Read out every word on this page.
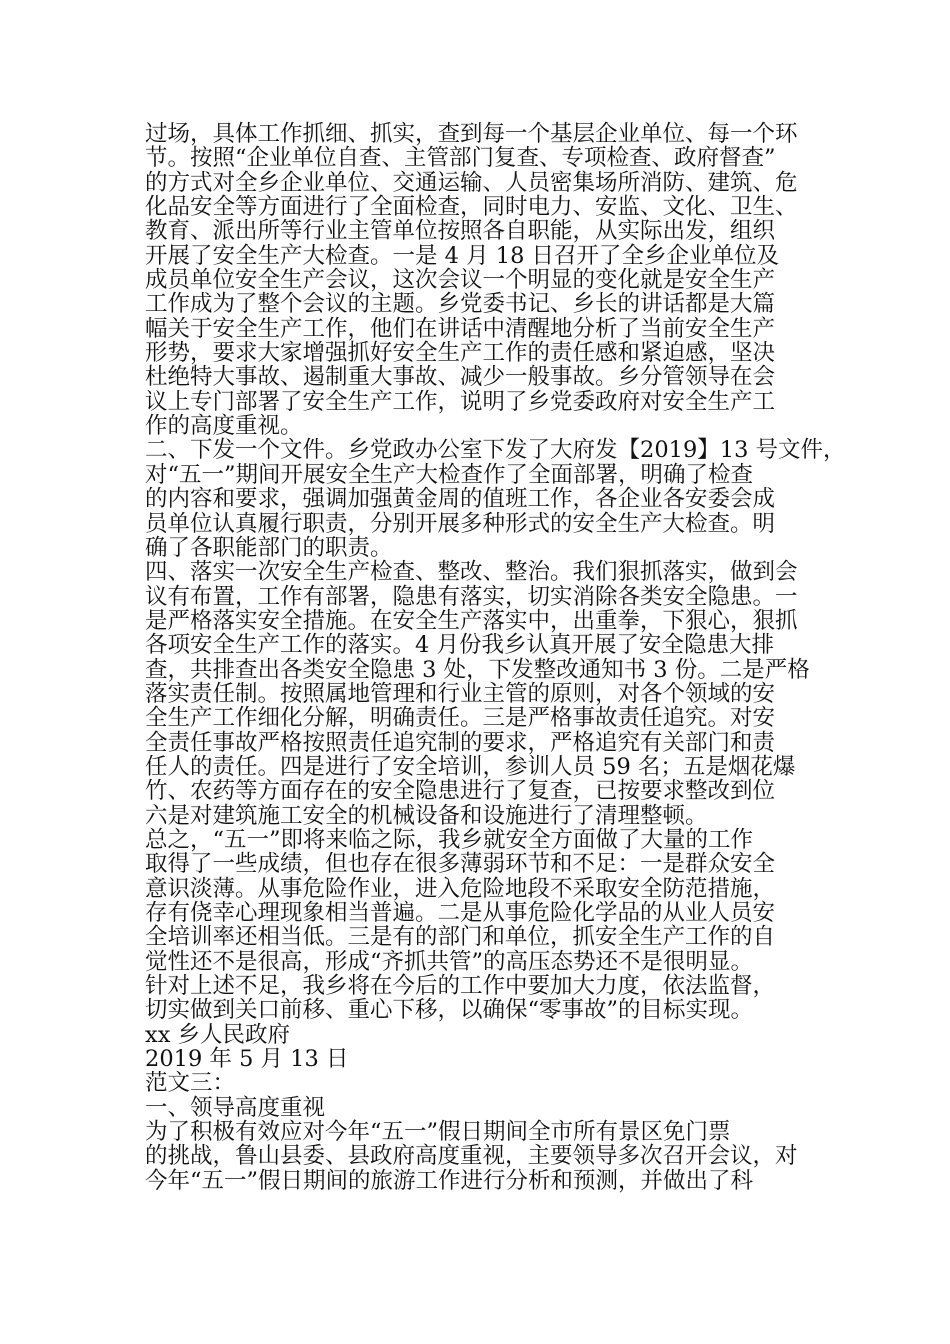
过场，具体工作抓细、抓实，查到每一个基层企业单位、每一个环
节。按照“企业单位自查、主管部门复查、专项检查、政府督查”
的方式对全乡企业单位、交通运输、人员密集场所消防、建筑、危
化品安全等方面进行了全面检查，同时电力、安监、文化、卫生、
教育、派出所等行业主管单位按照各自职能，从实际出发，组织
开展了安全生产大检查。一是 4 月 18 日召开了全乡企业单位及
成员单位安全生产会议，这次会议一个明显的变化就是安全生产
工作成为了整个会议的主题。乡党委书记、乡长的讲话都是大篇
幅关于安全生产工作，他们在讲话中清醒地分析了当前安全生产
形势，要求大家增强抓好安全生产工作的责任感和紧迫感，坚决
杜绝特大事故、遏制重大事故、减少一般事故。乡分管领导在会
议上专门部署了安全生产工作，说明了乡党委政府对安全生产工
作的高度重视。
二、下发一个文件。乡党政办公室下发了大府发【2019】13 号文件，
对“五一”期间开展安全生产大检查作了全面部署，明确了检查
的内容和要求，强调加强黄金周的值班工作，各企业各安委会成
员单位认真履行职责，分别开展多种形式的安全生产大检查。明
确了各职能部门的职责。
四、落实一次安全生产检查、整改、整治。我们狠抓落实，做到会
议有布置，工作有部署，隐患有落实，切实消除各类安全隐患。一
是严格落实安全措施。在安全生产落实中，出重拳，下狠心，狠抓
各项安全生产工作的落实。4 月份我乡认真开展了安全隐患大排
查，共排查出各类安全隐患 3 处，下发整改通知书 3 份。二是严格
落实责任制。按照属地管理和行业主管的原则，对各个领域的安
全生产工作细化分解，明确责任。三是严格事故责任追究。对安
全责任事故严格按照责任追究制的要求，严格追究有关部门和责
任人的责任。四是进行了安全培训，参训人员 59 名；五是烟花爆
竹、农药等方面存在的安全隐患进行了复查，已按要求整改到位
六是对建筑施工安全的机械设备和设施进行了清理整顿。
总之，“五一”即将来临之际，我乡就安全方面做了大量的工作
取得了一些成绩，但也存在很多薄弱环节和不足：一是群众安全
意识淡薄。从事危险作业，进入危险地段不采取安全防范措施，
存有侥幸心理现象相当普遍。二是从事危险化学品的从业人员安
全培训率还相当低。三是有的部门和单位，抓安全生产工作的自
觉性还不是很高，形成“齐抓共管”的高压态势还不是很明显。
针对上述不足，我乡将在今后的工作中要加大力度，依法监督，
切实做到关口前移、重心下移，以确保“零事故”的目标实现。
xx 乡人民政府
2019 年 5 月 13 日
范文三：
一、领导高度重视
为了积极有效应对今年“五一”假日期间全市所有景区免门票
的挑战，鲁山县委、县政府高度重视，主要领导多次召开会议，对
今年“五一”假日期间的旅游工作进行分析和预测，并做出了科
